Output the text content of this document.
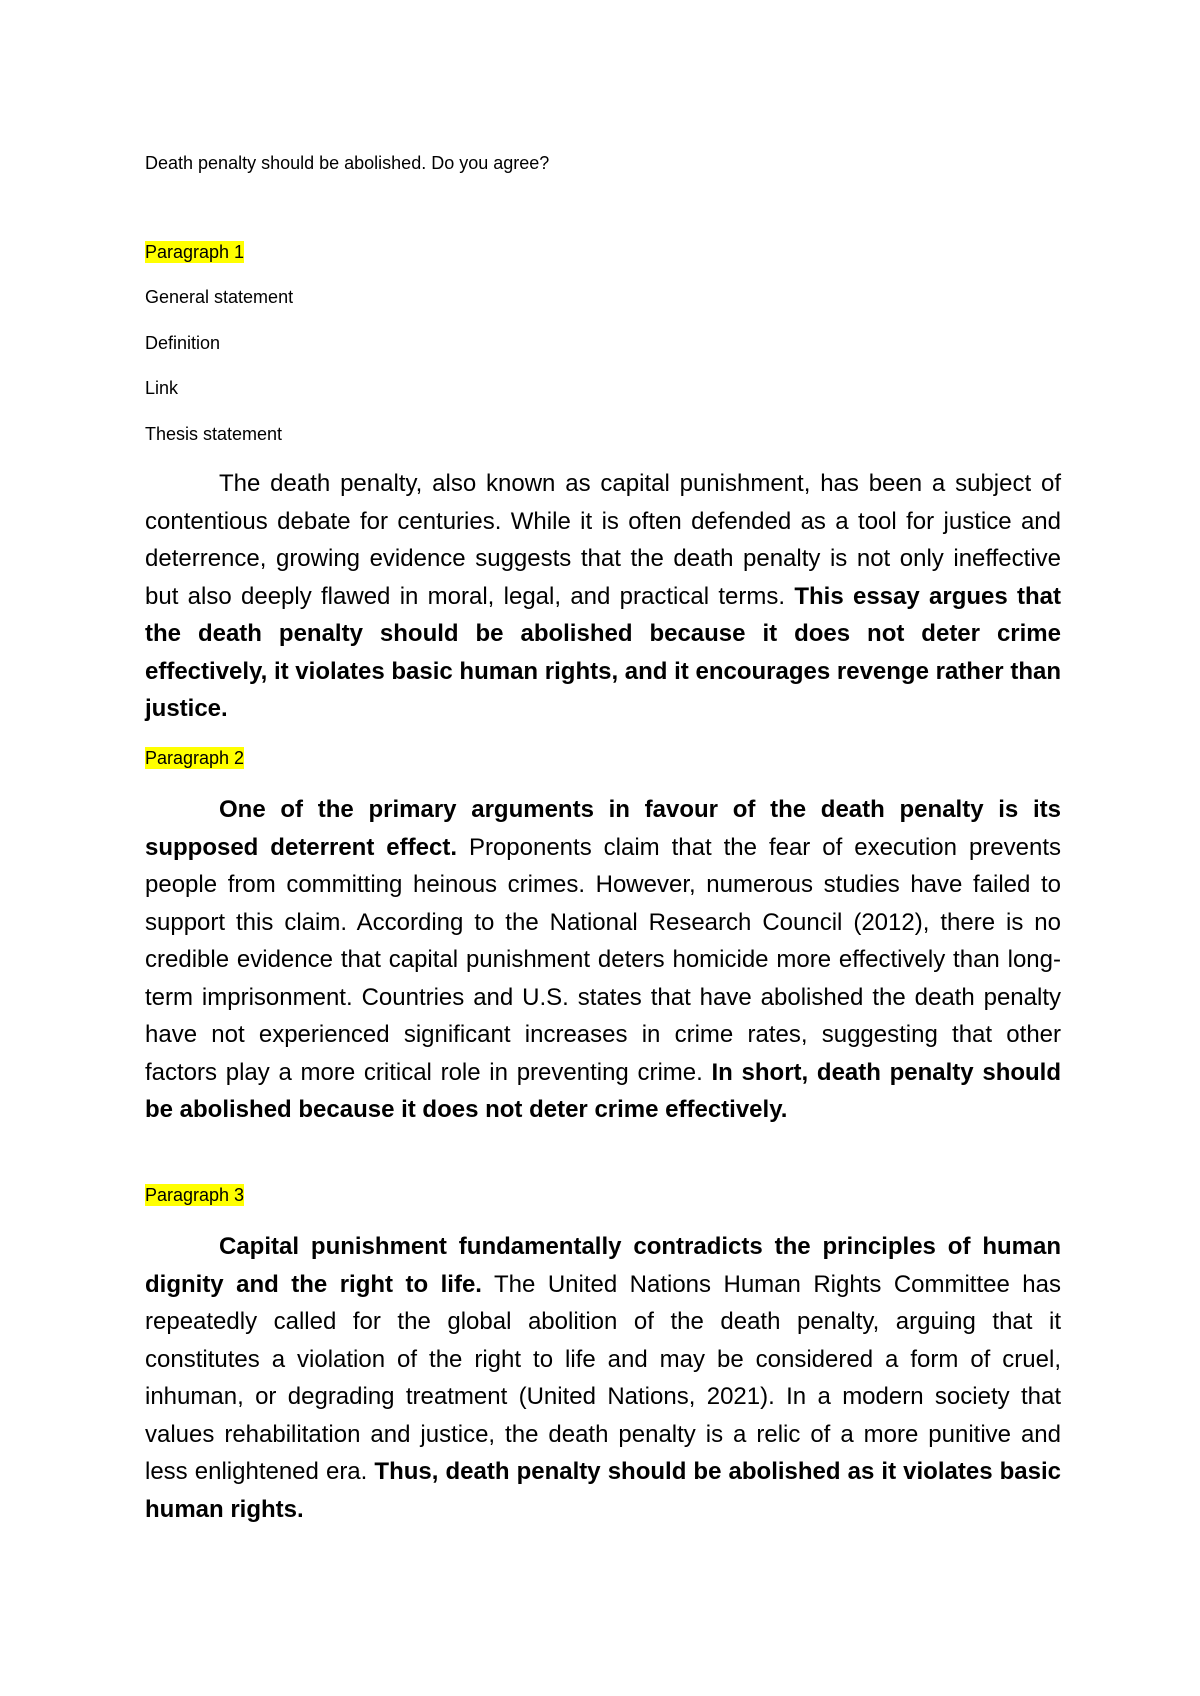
Death penalty should be abolished. Do you agree?
Paragraph 1
General statement
Definition
Link
Thesis statement

The death penalty, also known as capital punishment, has been a subject of contentious debate for centuries. While it is often defended as a tool for justice and deterrence, growing evidence suggests that the death penalty is not only ineffective but also deeply flawed in moral, legal, and practical terms. This essay argues that the death penalty should be abolished because it does not deter crime effectively, it violates basic human rights, and it encourages revenge rather than justice.

Paragraph 2

One of the primary arguments in favour of the death penalty is its supposed deterrent effect. Proponents claim that the fear of execution prevents people from committing heinous crimes. However, numerous studies have failed to support this claim. According to the National Research Council (2012), there is no credible evidence that capital punishment deters homicide more effectively than long-term imprisonment. Countries and U.S. states that have abolished the death penalty have not experienced significant increases in crime rates, suggesting that other factors play a more critical role in preventing crime. In short, death penalty should be abolished because it does not deter crime effectively.

Paragraph 3

Capital punishment fundamentally contradicts the principles of human dignity and the right to life. The United Nations Human Rights Committee has repeatedly called for the global abolition of the death penalty, arguing that it constitutes a violation of the right to life and may be considered a form of cruel, inhuman, or degrading treatment (United Nations, 2021). In a modern society that values rehabilitation and justice, the death penalty is a relic of a more punitive and less enlightened era. Thus, death penalty should be abolished as it violates basic human rights.
